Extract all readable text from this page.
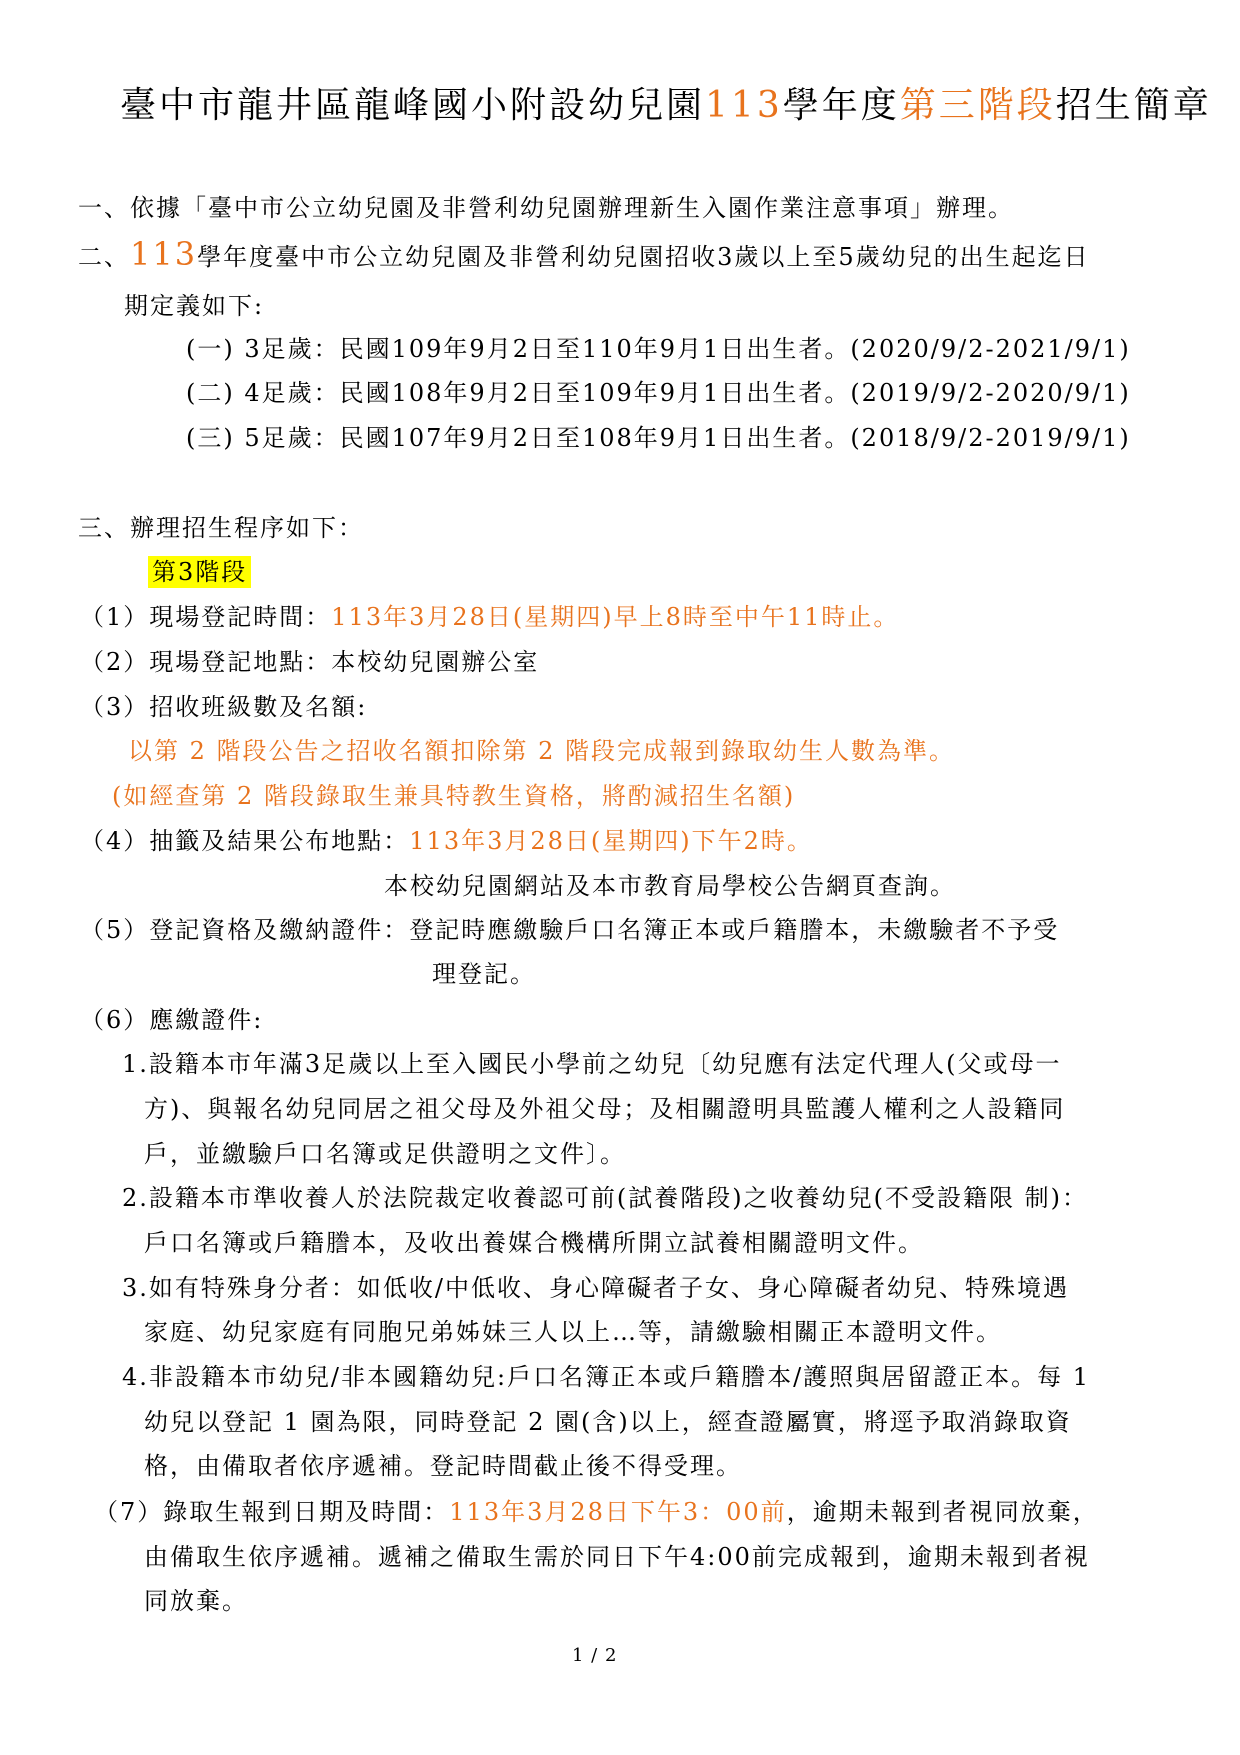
臺中市龍井區龍峰國小附設幼兒園113學年度第三階段招生簡章
一、依據「臺中市公立幼兒園及非營利幼兒園辦理新生入園作業注意事項」辦理。
二、113學年度臺中市公立幼兒園及非營利幼兒園招收3歲以上至5歲幼兒的出生起迄日
期定義如下:
(一) 3足歲：民國109年9月2日至110年9月1日出生者。(2020/9/2-2021/9/1)
(二) 4足歲：民國108年9月2日至109年9月1日出生者。(2019/9/2-2020/9/1)
(三) 5足歲：民國107年9月2日至108年9月1日出生者。(2018/9/2-2019/9/1)
三、辦理招生程序如下：
第3階段
（1）現場登記時間：113年3月28日(星期四)早上8時至中午11時止。
（2）現場登記地點：本校幼兒園辦公室
（3）招收班級數及名額:
以第 2 階段公告之招收名額扣除第 2 階段完成報到錄取幼生人數為準。
(如經查第 2 階段錄取生兼具特教生資格，將酌減招生名額)
（4）抽籤及結果公布地點：113年3月28日(星期四)下午2時。
本校幼兒園網站及本市教育局學校公告網頁查詢。
（5）登記資格及繳納證件：登記時應繳驗戶口名簿正本或戶籍謄本，未繳驗者不予受
理登記。
（6）應繳證件:
1.設籍本市年滿3足歲以上至入國民小學前之幼兒〔幼兒應有法定代理人(父或母一
方)、與報名幼兒同居之祖父母及外祖父母；及相關證明具監護人權利之人設籍同
戶，並繳驗戶口名簿或足供證明之文件〕。
2.設籍本市準收養人於法院裁定收養認可前(試養階段)之收養幼兒(不受設籍限 制)：
戶口名簿或戶籍謄本，及收出養媒合機構所開立試養相關證明文件。
3.如有特殊身分者：如低收/中低收、身心障礙者子女、身心障礙者幼兒、特殊境遇
家庭、幼兒家庭有同胞兄弟姊妹三人以上…等，請繳驗相關正本證明文件。
4.非設籍本市幼兒/非本國籍幼兒:戶口名簿正本或戶籍謄本/護照與居留證正本。每 1
幼兒以登記 1 園為限，同時登記 2 園(含)以上，經查證屬實，將逕予取消錄取資
格，由備取者依序遞補。登記時間截止後不得受理。
（7）錄取生報到日期及時間：113年3月28日下午3：00前，逾期未報到者視同放棄，
由備取生依序遞補。遞補之備取生需於同日下午4:00前完成報到，逾期未報到者視
同放棄。
1 / 2
